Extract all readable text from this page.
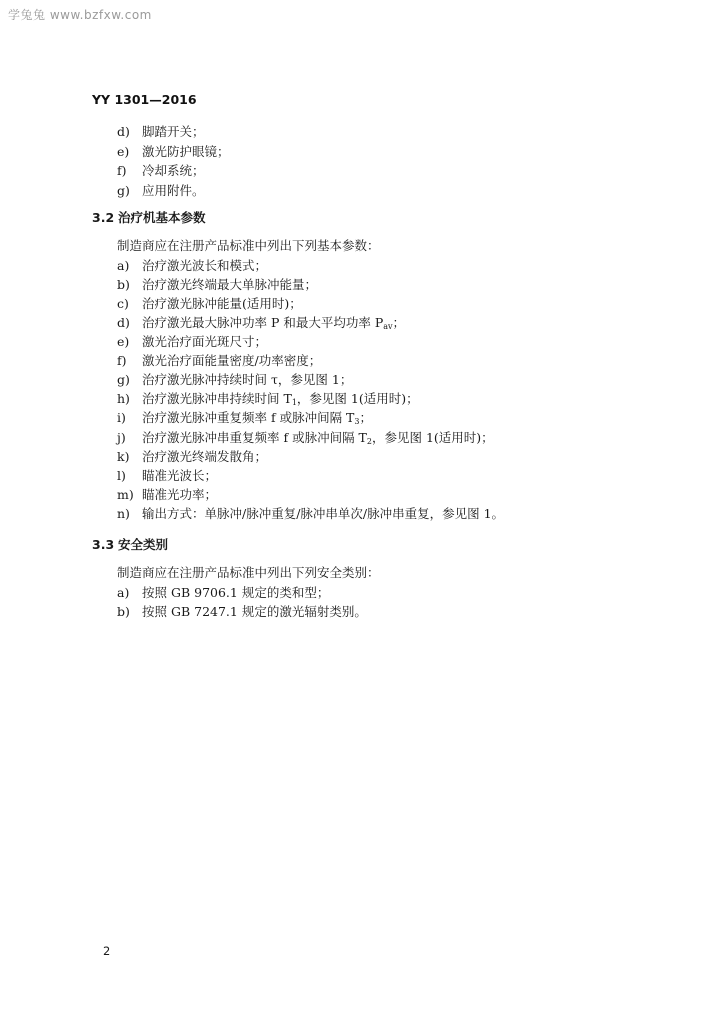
学兔兔 www.bzfxw.com
YY 1301—2016
d) 脚踏开关；
e) 激光防护眼镜；
f) 冷却系统；
g) 应用附件。
3.2 治疗机基本参数
制造商应在注册产品标准中列出下列基本参数：
a) 治疗激光波长和模式；
b) 治疗激光终端最大单脉冲能量；
c) 治疗激光脉冲能量(适用时)；
d) 治疗激光最大脉冲功率 P 和最大平均功率 $P_{av}$；
e) 激光治疗面光斑尺寸；
f) 激光治疗面能量密度/功率密度；
g) 治疗激光脉冲持续时间 τ，参见图 1；
h) 治疗激光脉冲串持续时间 $T_1$，参见图 1(适用时)；
i) 治疗激光脉冲重复频率 f 或脉冲间隔 $T_3$；
j) 治疗激光脉冲串重复频率 f 或脉冲间隔 $T_2$，参见图 1(适用时)；
k) 治疗激光终端发散角；
l) 瞄准光波长；
m) 瞄准光功率；
n) 输出方式：单脉冲/脉冲重复/脉冲串单次/脉冲串重复，参见图 1。
3.3 安全类别
制造商应在注册产品标准中列出下列安全类别：
a) 按照 GB 9706.1 规定的类和型；
b) 按照 GB 7247.1 规定的激光辐射类别。
2
